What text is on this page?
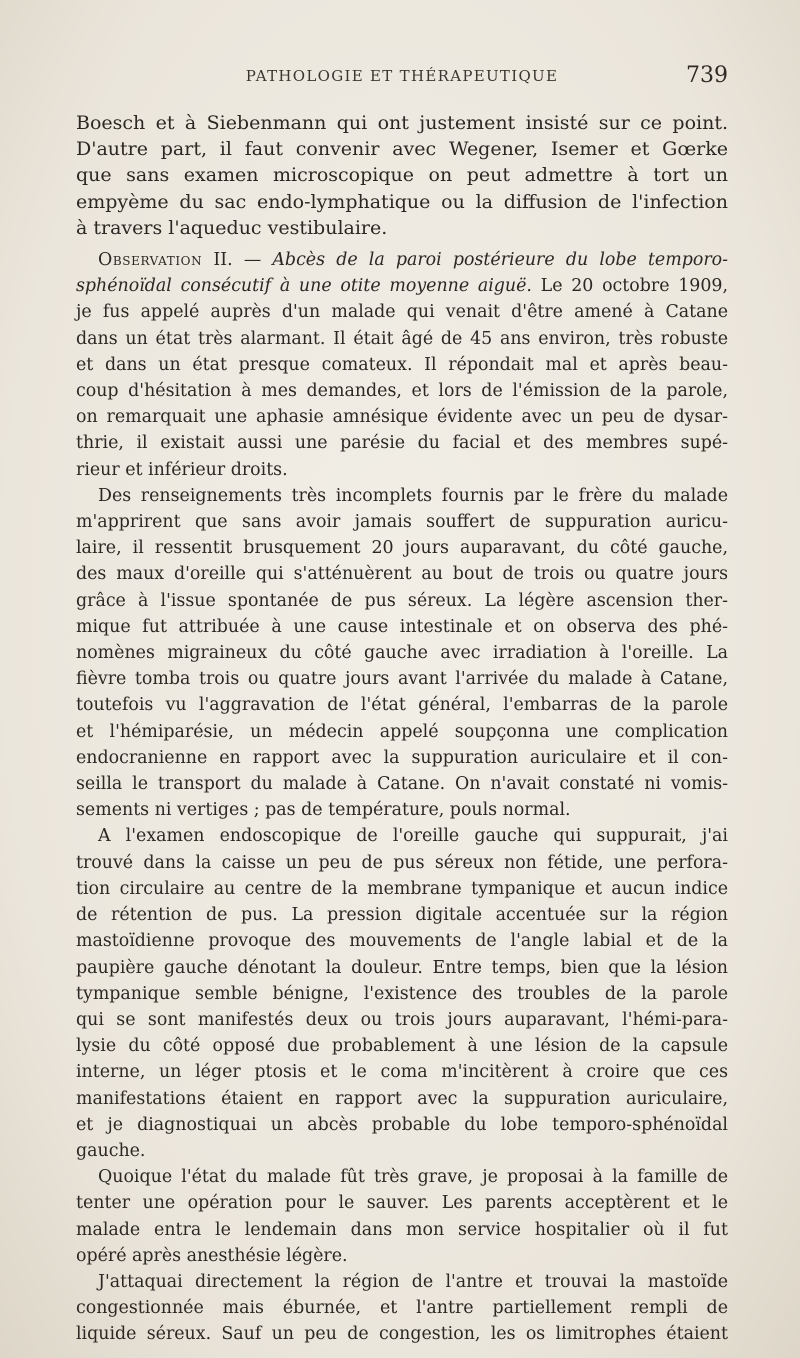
PATHOLOGIE ET THÉRAPEUTIQUE	739
Boesch et à Siebenmann qui ont justement insisté sur ce point.
D'autre part, il faut convenir avec Wegener, Isemer et Gœrke
que sans examen microscopique on peut admettre à tort un
empyème du sac endo-lymphatique ou la diffusion de l'infection
à travers l'aqueduc vestibulaire.
Observation II. — Abcès de la paroi postérieure du lobe temporo-
sphénoïdal consécutif à une otite moyenne aiguë. Le 20 octobre 1909,
je fus appelé auprès d'un malade qui venait d'être amené à Catane
dans un état très alarmant. Il était âgé de 45 ans environ, très robuste
et dans un état presque comateux. Il répondait mal et après beau-
coup d'hésitation à mes demandes, et lors de l'émission de la parole,
on remarquait une aphasie amnésique évidente avec un peu de dysar-
thrie, il existait aussi une parésie du facial et des membres supé-
rieur et inférieur droits.
Des renseignements très incomplets fournis par le frère du malade
m'apprirent que sans avoir jamais souffert de suppuration auricu-
laire, il ressentit brusquement 20 jours auparavant, du côté gauche,
des maux d'oreille qui s'atténuèrent au bout de trois ou quatre jours
grâce à l'issue spontanée de pus séreux. La légère ascension ther-
mique fut attribuée à une cause intestinale et on observa des phé-
nomènes migraineux du côté gauche avec irradiation à l'oreille. La
fièvre tomba trois ou quatre jours avant l'arrivée du malade à Catane,
toutefois vu l'aggravation de l'état général, l'embarras de la parole
et l'hémiparésie, un médecin appelé soupçonna une complication
endocranienne en rapport avec la suppuration auriculaire et il con-
seilla le transport du malade à Catane. On n'avait constaté ni vomis-
sements ni vertiges ; pas de température, pouls normal.
A l'examen endoscopique de l'oreille gauche qui suppurait, j'ai
trouvé dans la caisse un peu de pus séreux non fétide, une perfora-
tion circulaire au centre de la membrane tympanique et aucun indice
de rétention de pus. La pression digitale accentuée sur la région
mastoïdienne provoque des mouvements de l'angle labial et de la
paupière gauche dénotant la douleur. Entre temps, bien que la lésion
tympanique semble bénigne, l'existence des troubles de la parole
qui se sont manifestés deux ou trois jours auparavant, l'hémi-para-
lysie du côté opposé due probablement à une lésion de la capsule
interne, un léger ptosis et le coma m'incitèrent à croire que ces
manifestations étaient en rapport avec la suppuration auriculaire,
et je diagnostiquai un abcès probable du lobe temporo-sphénoïdal
gauche.
Quoique l'état du malade fût très grave, je proposai à la famille de
tenter une opération pour le sauver. Les parents acceptèrent et le
malade entra le lendemain dans mon service hospitalier où il fut
opéré après anesthésie légère.
J'attaquai directement la région de l'antre et trouvai la mastoïde
congestionnée mais éburnée, et l'antre partiellement rempli de
liquide séreux. Sauf un peu de congestion, les os limitrophes étaient
